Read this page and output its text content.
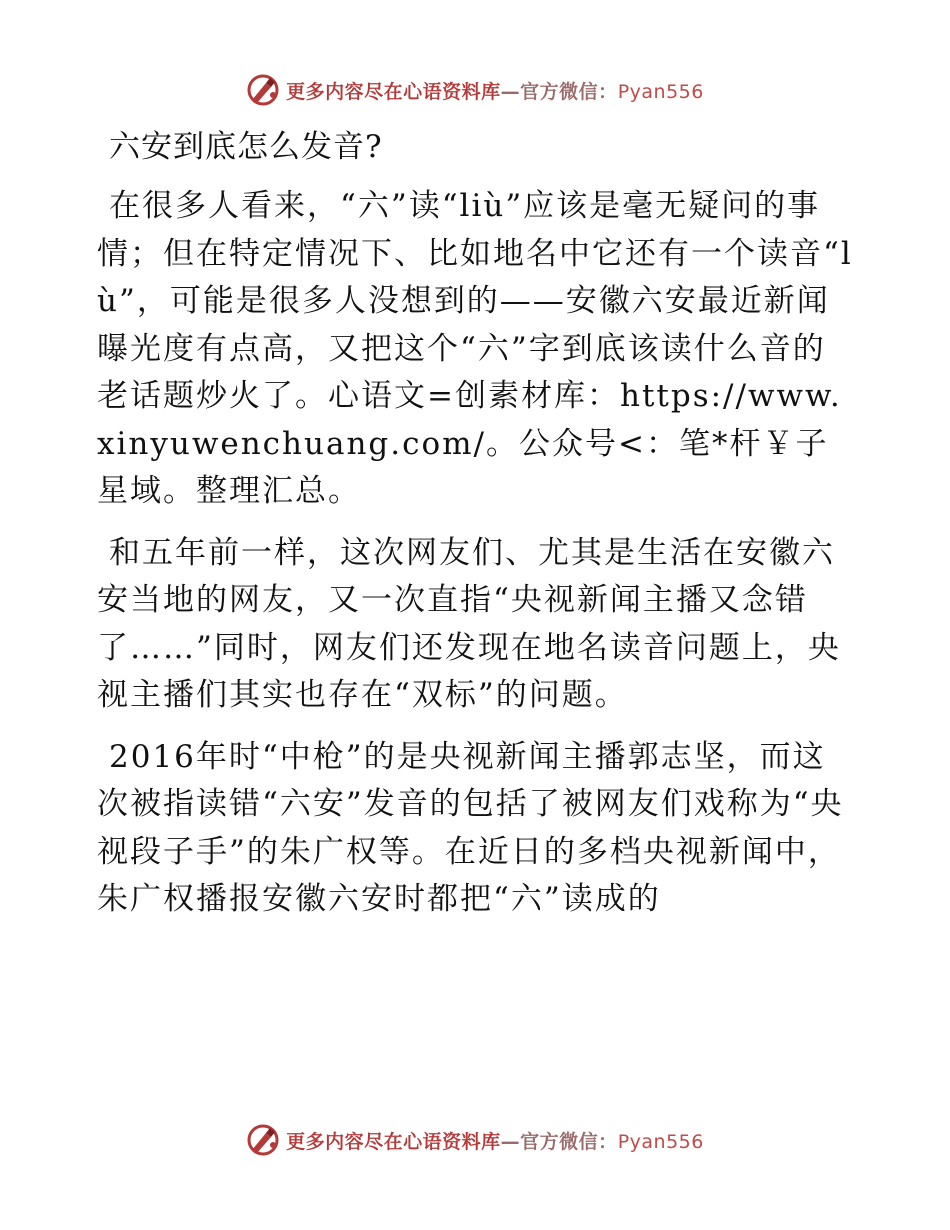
更多内容尽在心语资料库—官方微信：Pyan556
六安到底怎么发音?

在很多人看来，“六”读“liù”应该是毫无疑问的事情；但在特定情况下、比如地名中它还有一个读音“lù”，可能是很多人没想到的——安徽六安最近新闻曝光度有点高，又把这个“六”字到底该读什么音的老话题炒火了。心语文=创素材库：https://www.xinyuwenchuang.com/。公众号<：笔*杆￥子星域。整理汇总。

和五年前一样，这次网友们、尤其是生活在安徽六安当地的网友，又一次直指“央视新闻主播又念错了……”同时，网友们还发现在地名读音问题上，央视主播们其实也存在“双标”的问题。

2016年时“中枪”的是央视新闻主播郭志坚，而这次被指读错“六安”发音的包括了被网友们戏称为“央视段子手”的朱广权等。在近日的多档央视新闻中，朱广权播报安徽六安时都把“六”读成的

更多内容尽在心语资料库—官方微信：Pyan556
